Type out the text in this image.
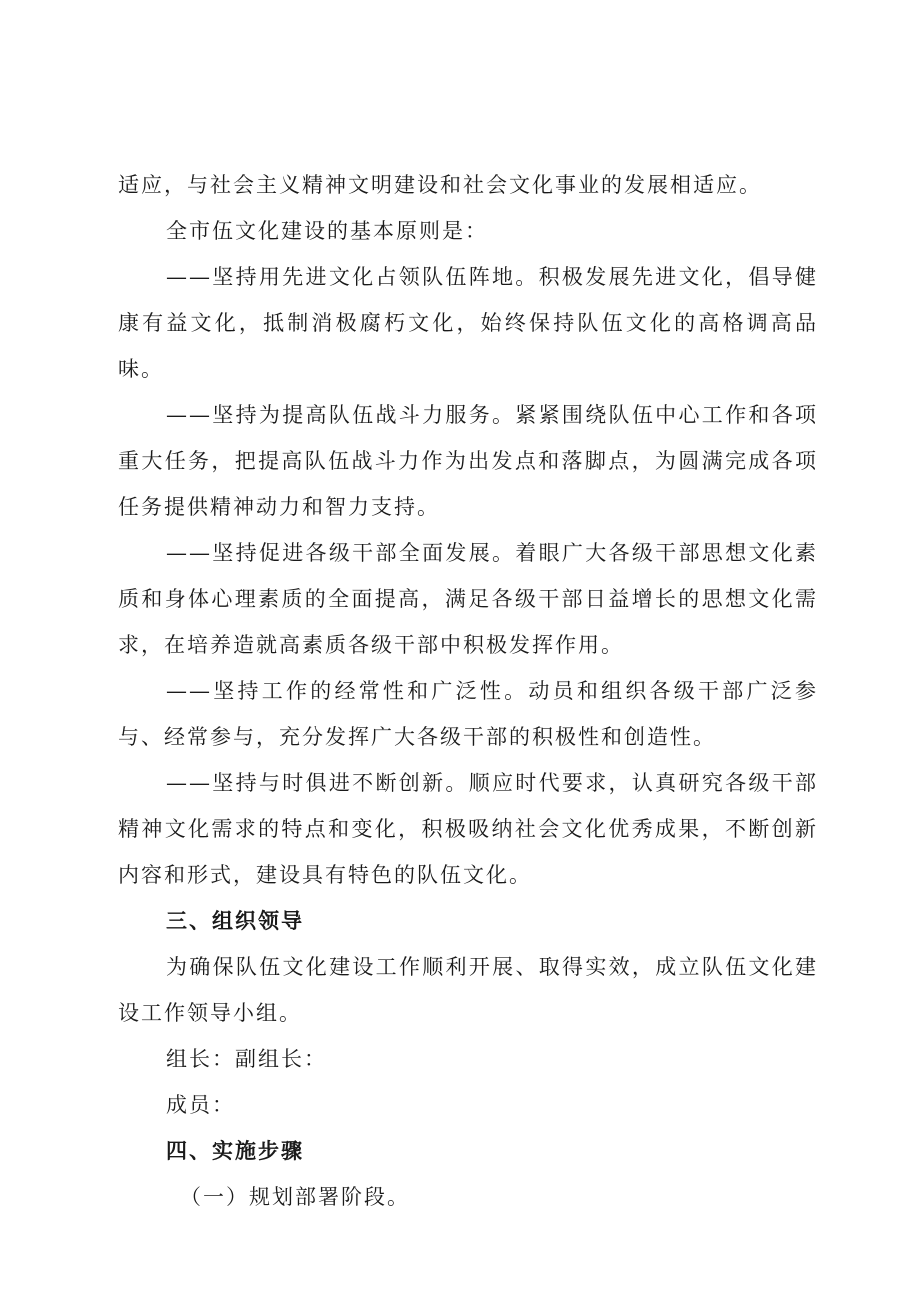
适应，与社会主义精神文明建设和社会文化事业的发展相适应。

全市伍文化建设的基本原则是：

——坚持用先进文化占领队伍阵地。积极发展先进文化，倡导健康有益文化，抵制消极腐朽文化，始终保持队伍文化的高格调高品味。

——坚持为提高队伍战斗力服务。紧紧围绕队伍中心工作和各项重大任务，把提高队伍战斗力作为出发点和落脚点，为圆满完成各项任务提供精神动力和智力支持。

——坚持促进各级干部全面发展。着眼广大各级干部思想文化素质和身体心理素质的全面提高，满足各级干部日益增长的思想文化需求，在培养造就高素质各级干部中积极发挥作用。

——坚持工作的经常性和广泛性。动员和组织各级干部广泛参与、经常参与，充分发挥广大各级干部的积极性和创造性。

——坚持与时俱进不断创新。顺应时代要求，认真研究各级干部精神文化需求的特点和变化，积极吸纳社会文化优秀成果，不断创新内容和形式，建设具有特色的队伍文化。

三、组织领导

为确保队伍文化建设工作顺利开展、取得实效，成立队伍文化建设工作领导小组。

组长：副组长：

成员：

四、实施步骤

（一）规划部署阶段。
